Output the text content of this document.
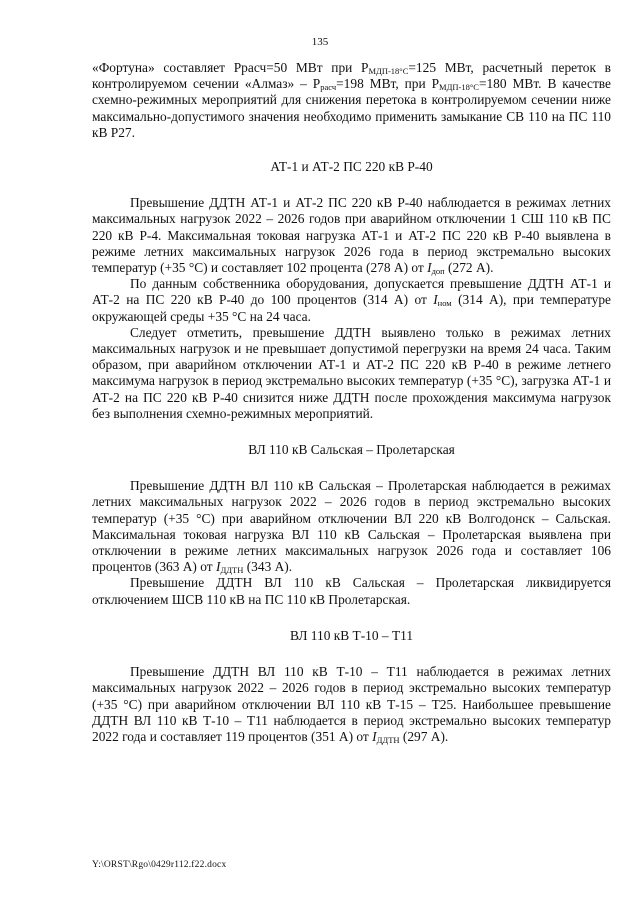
135

«Фортуна» составляет Ррасч=50 МВт при $P_{МДП-18^\circ С}=125$ МВт, расчетный переток в контролируемом сечении «Алмаз» – $P_{расч}=198$ МВт, при $P_{МДП-18^\circ С}=180$ МВт. В качестве схемно-режимных мероприятий для снижения перетока в контролируемом сечении ниже максимально-допустимого значения необходимо применить замыкание СВ 110 на ПС 110 кВ Р27.

АТ-1 и АТ-2 ПС 220 кВ Р-40

Превышение ДДТН АТ-1 и АТ-2 ПС 220 кВ Р-40 наблюдается в режимах летних максимальных нагрузок 2022 – 2026 годов при аварийном отключении 1 СШ 110 кВ ПС 220 кВ Р-4. Максимальная токовая нагрузка АТ-1 и АТ-2 ПС 220 кВ Р-40 выявлена в режиме летних максимальных нагрузок 2026 года в период экстремально высоких температур (+35 °С) и составляет 102 процента (278 А) от $I_{доп}$ (272 А).

По данным собственника оборудования, допускается превышение ДДТН АТ-1 и АТ-2 на ПС 220 кВ Р-40 до 100 процентов (314 А) от $I_{ном}$ (314 А), при температуре окружающей среды +35 °С на 24 часа.

Следует отметить, превышение ДДТН выявлено только в режимах летних максимальных нагрузок и не превышает допустимой перегрузки на время 24 часа. Таким образом, при аварийном отключении АТ-1 и АТ-2 ПС 220 кВ Р-40 в режиме летнего максимума нагрузок в период экстремально высоких температур (+35 °С), загрузка АТ-1 и АТ-2 на ПС 220 кВ Р-40 снизится ниже ДДТН после прохождения максимума нагрузок без выполнения схемно-режимных мероприятий.

ВЛ 110 кВ Сальская – Пролетарская

Превышение ДДТН ВЛ 110 кВ Сальская – Пролетарская наблюдается в режимах летних максимальных нагрузок 2022 – 2026 годов в период экстремально высоких температур (+35 °С) при аварийном отключении ВЛ 220 кВ Волгодонск – Сальская. Максимальная токовая нагрузка ВЛ 110 кВ Сальская – Пролетарская выявлена при отключении в режиме летних максимальных нагрузок 2026 года и составляет 106 процентов (363 А) от $I_{ДДТН}$ (343 А).

Превышение ДДТН ВЛ 110 кВ Сальская – Пролетарская ликвидируется отключением ШСВ 110 кВ на ПС 110 кВ Пролетарская.

ВЛ 110 кВ Т-10 – Т11

Превышение ДДТН ВЛ 110 кВ Т-10 – Т11 наблюдается в режимах летних максимальных нагрузок 2022 – 2026 годов в период экстремально высоких температур (+35 °С) при аварийном отключении ВЛ 110 кВ Т-15 – Т25. Наибольшее превышение ДДТН ВЛ 110 кВ Т-10 – Т11 наблюдается в период экстремально высоких температур 2022 года и составляет 119 процентов (351 А) от $I_{ДДТН}$ (297 А).

Y:\ORST\Rgo\0429r112.f22.docx
